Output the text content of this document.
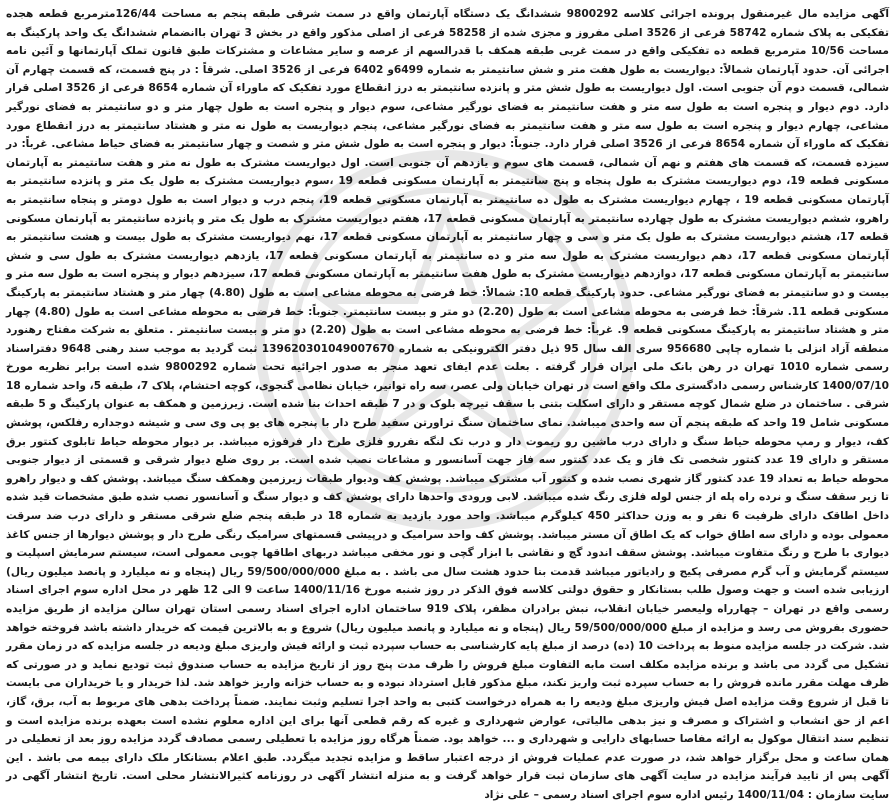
آگهی مزایده مال غیرمنقول پرونده اجرائی کلاسه 9800292 ششدانگ یک دستگاه آپارتمان واقع در سمت شرقی طبقه پنجم به مساحت 126/44مترمربع قطعه هجده تفکیکی به پلاک شماره 58742 فرعی از 3526 اصلی مفروز و مجزی شده از 58258 فرعی از اصلی مذکور واقع در بخش 3 تهران باانضمام ششدانگ یک واحد پارکینگ به مساحت 10/56 مترمربع قطعه ده تفکیکی واقع در سمت غربی طبقه همکف با قدرالسهم از عرصه و سایر مشاعات و مشترکات طبق قانون تملک آپارتمانها و آئین نامه اجرائی آن. حدود آپارتمان شمالاً: دیواریست به طول هفت متر و شش سانتیمتر به شماره 6499و 6402 فرعی از 3526 اصلی. شرقاً : در پنج قسمت، که قسمت چهارم آن شمالی، قسمت دوم آن جنوبی است. اول دیواریست به طول شش متر و پانزده سانتیمتر به درز انقطاع مورد تفکیک که ماوراء آن شماره 8654 فرعی از 3526 اصلی قرار دارد. دوم دیوار و پنجره است به طول سه متر و هفت سانتیمتر به فضای نورگیر مشاعی، سوم دیوار و پنجره است به طول چهار متر و دو سانتیمتر به فضای نورگیر مشاعی، چهارم دیوار و پنجره است به طول سه متر و هفت سانتیمتر به فضای نورگیر مشاعی، پنجم دیواریست به طول نه متر و هشتاد سانتیمتر به درز انقطاع مورد تفکیک که ماوراء آن شماره 8654 فرعی از 3526 اصلی قرار دارد. جنوباً: دیوار و پنجره است به طول شش متر و شصت و چهار سانتیمتر به فضای حیاط مشاعی. غرباً: در سیزده قسمت، که قسمت های هفتم و نهم آن شمالی، قسمت های سوم و یازدهم آن جنوبی است. اول دیواریست مشترک به طول نه متر و هفت سانتیمتر به آپارتمان مسکونی قطعه 19، دوم دیواریست مشترک به طول پنجاه و پنج سانتیمتر به آپارتمان مسکونی قطعه 19 ،سوم دیواریست مشترک به طول یک متر و پانزده سانتیمتر به آپارتمان مسکونی قطعه 19 ، چهارم دیواریست مشترک به طول ده سانتیمتر به آپارتمان مسکونی قطعه 19، پنجم درب و دیوار است به طول دومتر و پنجاه سانتیمتر به راهرو، ششم دیواریست مشترک به طول چهارده سانتیمتر به آپارتمان مسکونی قطعه 17، هفتم دیواریست مشترک به طول یک متر و پانزده سانتیمتر به آپارتمان مسکونی قطعه 17، هشتم دیواریست مشترک به طول یک متر و سی و چهار سانتیمتر به آپارتمان مسکونی قطعه 17، نهم دیواریست مشترک به طول بیست و هشت سانتیمتر به آپارتمان مسکونی قطعه 17، دهم دیواریست مشترک به طول سه متر و ده سانتیمتر به آپارتمان مسکونی قطعه 17، یازدهم دیواریست مشترک به طول سی و شش سانتیمتر به آپارتمان مسکونی قطعه 17، دوازدهم دیواریست مشترک به طول هفت سانتیمتر به آپارتمان مسکونی قطعه 17، سیزدهم دیوار و پنجره است به طول سه متر و بیست و دو سانتیمتر به فضای نورگیر مشاعی. حدود پارکینگ قطعه 10: شمالاً: خط فرضی به محوطه مشاعی است به طول (4.80) چهار متر و هشتاد سانتیمتر به پارکینگ مسکونی قطعه 11. شرقاً: خط فرضی به محوطه مشاعی است به طول (2.20) دو متر و بیست سانتیمتر. جنوباً: خط فرضی به محوطه مشاعی است به طول (4.80) چهار متر و هشتاد سانتیمتر به پارکینگ مسکونی قطعه 9. غرباً: خط فرضی به محوطه مشاعی است به طول (2.20) دو متر و بیست سانتیمتر . متعلق به شرکت مفتاح رهنورد منطقه آزاد انزلی با شماره چاپی 956680 سری الف سال 95 ذیل دفتر الکترونیکی به شماره 139620301049007670 ثبت گردید به موجب سند رهنی 9648 دفتراسناد رسمی شماره 1010 تهران در رهن بانک ملی ایران قرار گرفته . بعلت عدم ایفای تعهد منجر به صدور اجرائیه تحت شماره 9800292 شده است برابر نظریه مورخ 1400/07/10 کارشناس رسمی دادگستری ملک واقع است در تهران خیابان ولی عصر، سه راه توانیر، خیابان نظامی گنجوی، کوچه احتشام، پلاک 7، طبقه 5، واحد شماره 18 شرقی . ساختمان در ضلع شمال کوچه مستقر و دارای اسکلت بتنی با سقف تیرچه بلوک و در 7 طبقه احداث بنا شده است. زیرزمین و همکف به عنوان پارکینگ و 5 طبقه مسکونی شامل 19 واحد که طبقه پنجم آن سه واحدی میباشد. نمای ساختمان سنگ تراورتن سفید طرح دار با پنجره های یو پی وی سی و شیشه دوجداره رفلکس، پوشش کف، دیوار و رمپ محوطه حیاط سنگ و دارای درب ماشین رو ریموت دار و درب تک لنگه نفررو فلزی طرح دار فرفوژه میباشد. بر دیوار محوطه حیاط تابلوی کنتور برق مستقر و دارای 19 عدد کنتور شخصی تک فاز و یک عدد کنتور سه فاز جهت آسانسور و مشاعات نصب شده است. بر روی ضلع دیوار شرقی و قسمتی از دیوار جنوبی محوطه حیاط به تعداد 19 عدد کنتور گاز شهری نصب شده و کنتور آب مشترک میباشد. پوشش کف ودیوار طبقات زیرزمین وهمکف سنگ میباشد. پوشش کف و دیوار راهرو تا زیر سقف سنگ و نرده راه پله از جنس لوله فلزی رنگ شده میباشد. لابی ورودی واحدها دارای پوشش کف و دیوار سنگ و آسانسور نصب شده طبق مشخصات قید شده داخل اطاقک دارای ظرفیت 6 نفر و به وزن حداکثر 450 کیلوگرم میباشد. واحد مورد بازدید به شماره 18 در طبقه پنجم ضلع شرقی مستقر و دارای درب ضد سرقت معمولی بوده و دارای سه اطاق خواب که یک اطاق آن مستر میباشد. پوشش کف واحد سرامیک و درپیشی قسمتهای سرامیک رنگی طرح دار و پوشش دیوارها از جنس کاغذ دیواری با طرح و رنگ متفاوت میباشد. پوشش سقف اندود گچ و نقاشی با ابزار گچی و نور مخفی میباشد دربهای اطاقها چوبی معمولی است، سیستم سرمایش اسپلیت و سیستم گرمایش و آب گرم مصرفی پکیج و رادیاتور میباشد قدمت بنا حدود هشت سال می باشد . به مبلغ 59/500/000/000 ریال (پنجاه و نه میلیارد و پانصد میلیون ریال) ارزیابی شده است و جهت وصول طلب بستانکار و حقوق دولتی کلاسه فوق الذکر در روز شنبه مورخ 1400/11/16 ساعت 9 الی 12 ظهر در محل اداره سوم اجرای اسناد رسمی واقع در تهران – چهارراه ولیعصر خیابان انقلاب، نبش برادران مظفر، پلاک 919 ساختمان اداره اجرای اسناد رسمی استان تهران سالن مزایده از طریق مزایده حضوری بفروش می رسد و مزایده از مبلغ 59/500/000/000 ریال (پنجاه و نه میلیارد و پانصد میلیون ریال) شروع و به بالاترین قیمت که خریدار داشته باشد فروخته خواهد شد. شرکت در جلسه مزایده منوط به پرداخت 10 (ده) درصد از مبلغ پایه کارشناسی به حساب سپرده ثبت و ارائه فیش واریزی مبلغ ودیعه در جلسه مزایده که در زمان مقرر تشکیل می گردد می باشد و برنده مزایده مکلف است مابه التفاوت مبلغ فروش را ظرف مدت پنج روز از تاریخ مزایده به حساب صندوق ثبت تودیع نماید و در صورتی که ظرف مهلت مقرر مانده فروش را به حساب سپرده ثبت واریز نکند، مبلغ مذکور قابل استرداد نبوده و به حساب خزانه واریز خواهد شد. لذا خریدار و یا خریداران می بایست تا قبل از شروع وقت مزایده اصل فیش واریزی مبلغ ودیعه را به همراه درخواست کتبی به واحد اجرا تسلیم وثبت نمایند. ضمناً پرداخت بدهی های مربوط به آب، برق، گاز، اعم از حق انشعاب و اشتراک و مصرف و نیز بدهی مالیاتی، عوارض شهرداری و غیره که رقم قطعی آنها برای این اداره معلوم نشده است بعهده برنده مزایده است و تنظیم سند انتقال موکول به ارائه مفاصا حسابهای دارایی و شهرداری و ... خواهد بود. ضمناً هرگاه روز مزایده با تعطیلی رسمی مصادف گردد مزایده روز بعد از تعطیلی در همان ساعت و محل برگزار خواهد شد، در صورت عدم عملیات فروش از درجه اعتبار ساقط و مزایده تجدید میگردد. طبق اعلام بستانکار ملک دارای بیمه می باشد . این آگهی پس از تایید فرآیند مزایده در سایت آگهی های سازمان ثبت قرار خواهد گرفت و به منزله انتشار آگهی در روزنامه کثیرالانتشار محلی است. تاریخ انتشار آگهی در سایت سازمان : 1400/11/04 رئیس اداره سوم اجرای اسناد رسمی – علی نژاد
